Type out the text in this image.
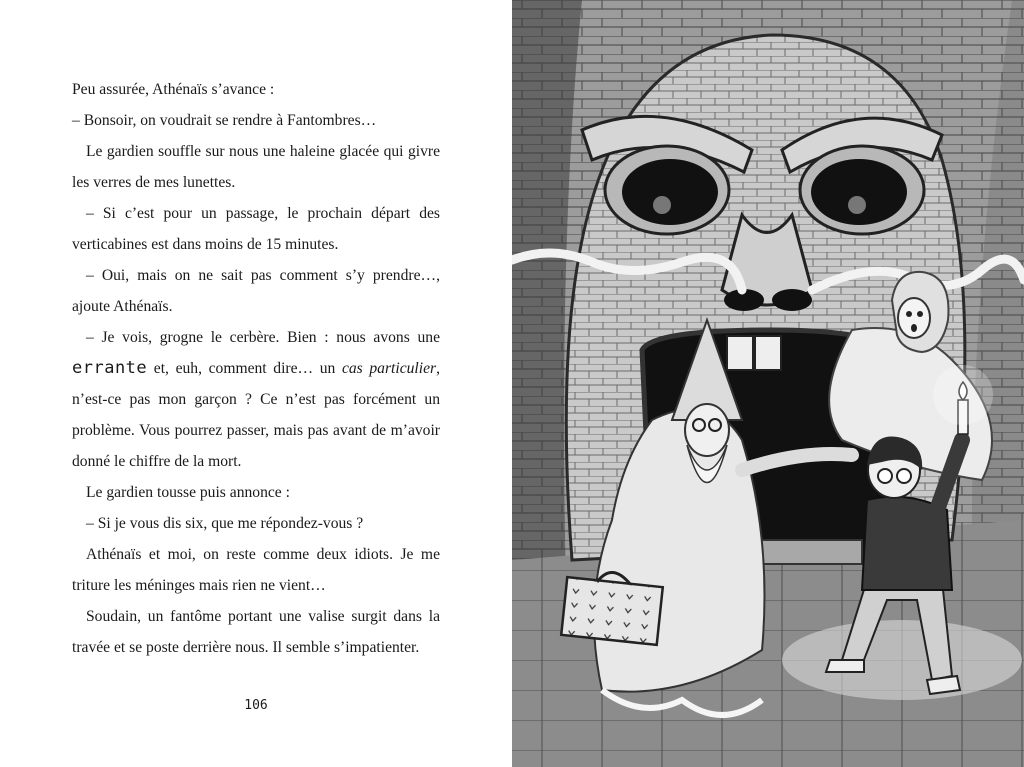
Peu assurée, Athénaïs s’avance :

– Bonsoir, on voudrait se rendre à Fantombres…

Le gardien souffle sur nous une haleine glacée qui givre les verres de mes lunettes.

– Si c’est pour un passage, le prochain départ des verticabines est dans moins de 15 minutes.

– Oui, mais on ne sait pas comment s’y prendre…, ajoute Athénaïs.

– Je vois, grogne le cerbère. Bien : nous avons une errante et, euh, comment dire… un cas particulier, n’est-ce pas mon garçon ? Ce n’est pas forcément un problème. Vous pourrez passer, mais pas avant de m’avoir donné le chiffre de la mort.

Le gardien tousse puis annonce :

– Si je vous dis six, que me répondez-vous ?

Athénaïs et moi, on reste comme deux idiots. Je me triture les méninges mais rien ne vient…

Soudain, un fantôme portant une valise surgit dans la travée et se poste derrière nous. Il semble s’impatienter.

106
